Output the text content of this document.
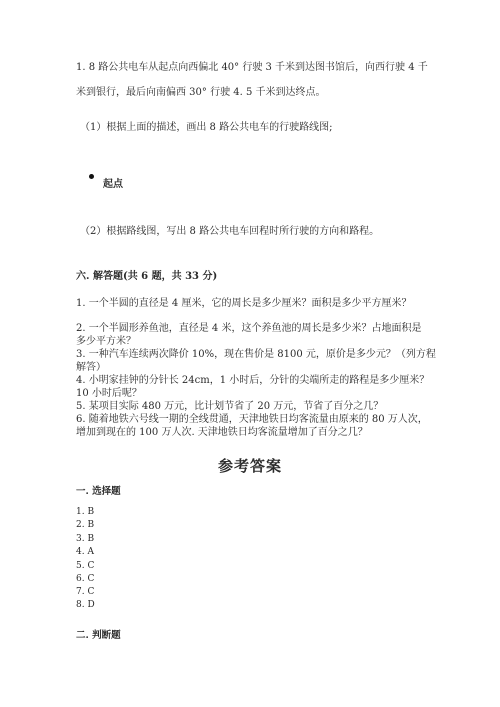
1. 8 路公共电车从起点向西偏北 40° 行驶 3 千米到达图书馆后，向西行驶 4 千
米到银行，最后向南偏西 30° 行驶 4. 5 千米到达终点。
（1）根据上面的描述，画出 8 路公共电车的行驶路线图;
起点
（2）根据路线图，写出 8 路公共电车回程时所行驶的方向和路程。
六. 解答题(共 6 题，共 33 分)
1. 一个半圆的直径是 4 厘米，它的周长是多少厘米？面积是多少平方厘米？
2. 一个半圆形养鱼池，直径是 4 米，这个养鱼池的周长是多少米？占地面积是
多少平方米？
3. 一种汽车连续两次降价 10%，现在售价是 8100 元，原价是多少元？（列方程
解答）
4. 小明家挂钟的分针长 24cm，1 小时后，分针的尖端所走的路程是多少厘米？
10 小时后呢？
5. 某项目实际 480 万元，比计划节省了 20 万元，节省了百分之几？
6. 随着地铁六号线一期的全线贯通，天津地铁日均客流量由原来的 80 万人次，
增加到现在的 100 万人次. 天津地铁日均客流量增加了百分之几？
参考答案
一. 选择题
1. B
2. B
3. B
4. A
5. C
6. C
7. C
8. D
二. 判断题
